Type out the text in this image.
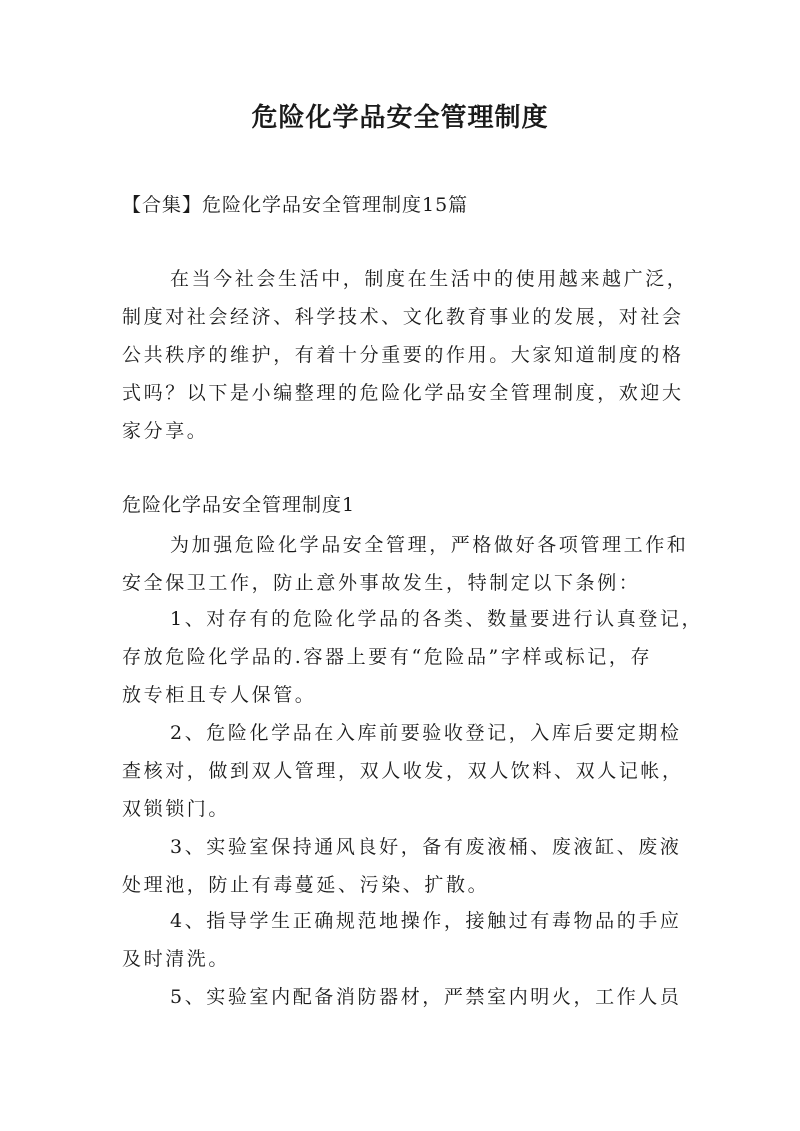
危险化学品安全管理制度
【合集】危险化学品安全管理制度15篇
在当今社会生活中，制度在生活中的使用越来越广泛，
制度对社会经济、科学技术、文化教育事业的发展，对社会
公共秩序的维护，有着十分重要的作用。大家知道制度的格
式吗？以下是小编整理的危险化学品安全管理制度，欢迎大
家分享。
危险化学品安全管理制度1
为加强危险化学品安全管理，严格做好各项管理工作和
安全保卫工作，防止意外事故发生，特制定以下条例：
1、对存有的危险化学品的各类、数量要进行认真登记，
存放危险化学品的.容器上要有“危险品”字样或标记，存
放专柜且专人保管。
2、危险化学品在入库前要验收登记，入库后要定期检
查核对，做到双人管理，双人收发，双人饮料、双人记帐，
双锁锁门。
3、实验室保持通风良好，备有废液桶、废液缸、废液
处理池，防止有毒蔓延、污染、扩散。
4、指导学生正确规范地操作，接触过有毒物品的手应
及时清洗。
5、实验室内配备消防器材，严禁室内明火，工作人员
